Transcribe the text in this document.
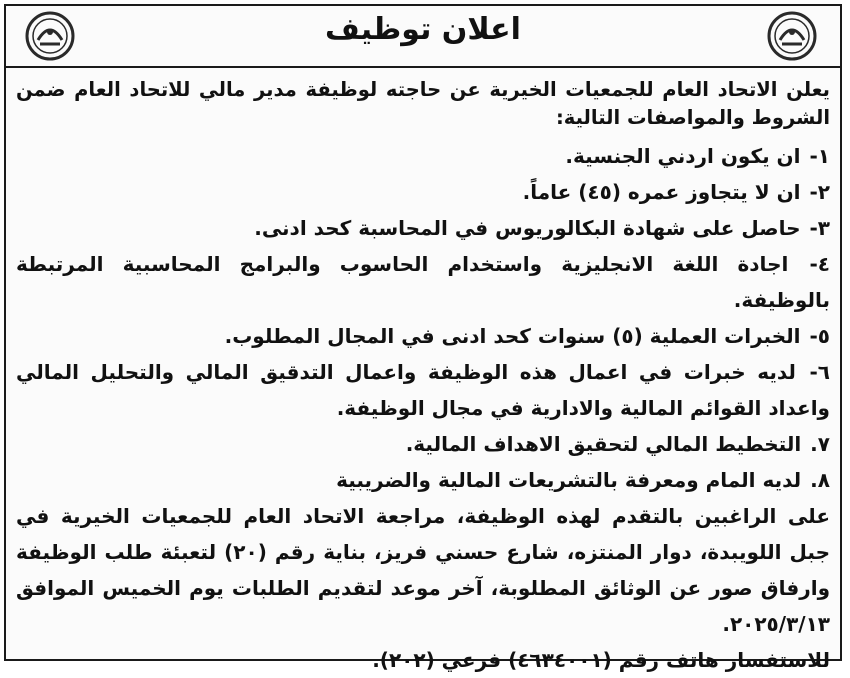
اعلان توظيف

يعلن الاتحاد العام للجمعيات الخيرية عن حاجته لوظيفة مدير مالي للاتحاد العام ضمن الشروط والمواصفات التالية:

١- ان يكون اردني الجنسية.
٢- ان لا يتجاوز عمره (٤٥) عاماً.
٣- حاصل على شهادة البكالوريوس في المحاسبة كحد ادنى.
٤- اجادة اللغة الانجليزية واستخدام الحاسوب والبرامج المحاسبية المرتبطة بالوظيفة.
٥- الخبرات العملية (٥) سنوات كحد ادنى في المجال المطلوب.
٦- لديه خبرات في اعمال هذه الوظيفة واعمال التدقيق المالي والتحليل المالي واعداد القوائم المالية والادارية في مجال الوظيفة.
٧. التخطيط المالي لتحقيق الاهداف المالية.
٨. لديه المام ومعرفة بالتشريعات المالية والضريبية

على الراغبين بالتقدم لهذه الوظيفة، مراجعة الاتحاد العام للجمعيات الخيرية في جبل اللويبدة، دوار المنتزه، شارع حسني فريز، بناية رقم (٢٠) لتعبئة طلب الوظيفة وارفاق صور عن الوثائق المطلوبة، آخر موعد لتقديم الطلبات يوم الخميس الموافق ٢٠٢٥/٣/١٣.

للاستفسار هاتف رقم (٤٦٣٤٠٠١) فرعي (٢٠٢).
